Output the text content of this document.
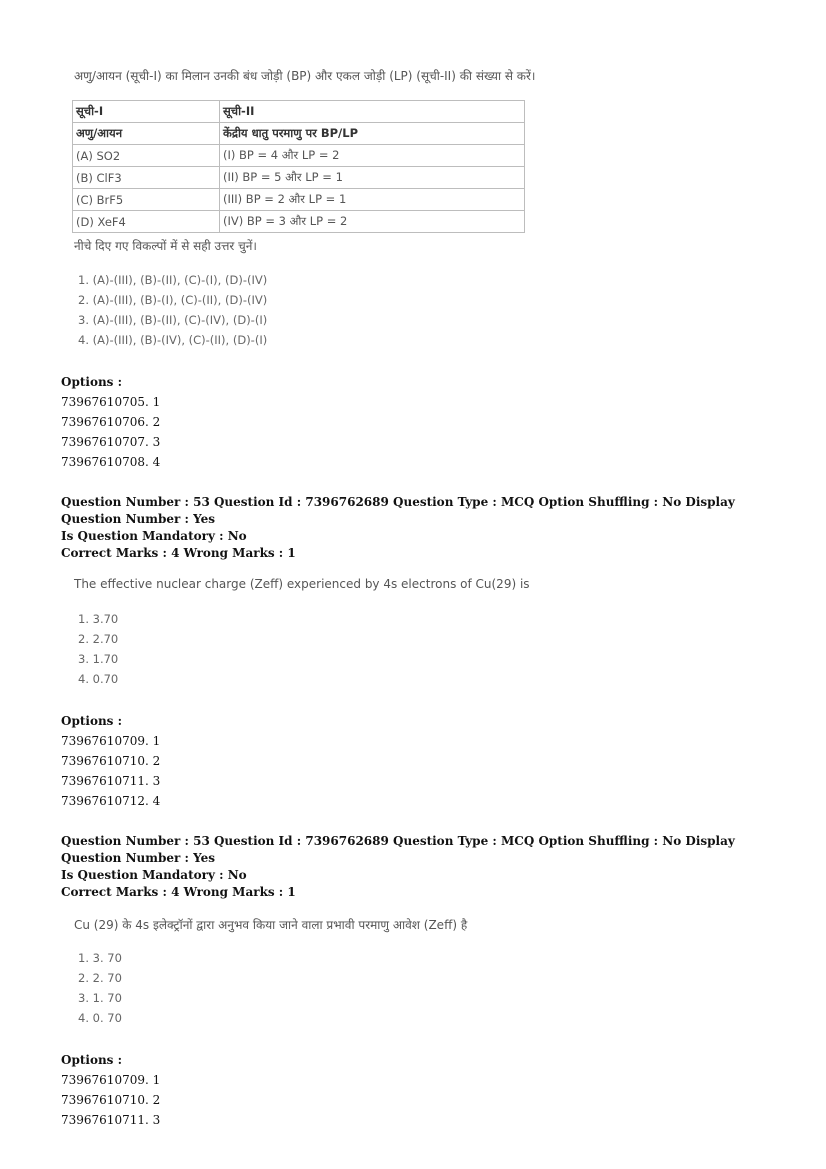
अणु/आयन (सूची-I) का मिलान उनकी बंध जोड़ी (BP) और एकल जोड़ी (LP) (सूची-II) की संख्या से करें।
सूची-I	सूची-II
अणु/आयन	केंद्रीय धातु परमाणु पर BP/LP
(A) SO2	(I) BP = 4 और LP = 2
(B) ClF3	(II) BP = 5 और LP = 1
(C) BrF5	(III) BP = 2 और LP = 1
(D) XeF4	(IV) BP = 3 और LP = 2
नीचे दिए गए विकल्पों में से सही उत्तर चुनें।
1. (A)-(III), (B)-(II), (C)-(I), (D)-(IV)
2. (A)-(III), (B)-(I), (C)-(II), (D)-(IV)
3. (A)-(III), (B)-(II), (C)-(IV), (D)-(I)
4. (A)-(III), (B)-(IV), (C)-(II), (D)-(I)
Options :
73967610705. 1
73967610706. 2
73967610707. 3
73967610708. 4
Question Number : 53 Question Id : 7396762689 Question Type : MCQ Option Shuffling : No Display Question Number : Yes
Is Question Mandatory : No
Correct Marks : 4 Wrong Marks : 1
The effective nuclear charge (Zeff) experienced by 4s electrons of Cu(29) is
1. 3.70
2. 2.70
3. 1.70
4. 0.70
Options :
73967610709. 1
73967610710. 2
73967610711. 3
73967610712. 4
Question Number : 53 Question Id : 7396762689 Question Type : MCQ Option Shuffling : No Display Question Number : Yes
Is Question Mandatory : No
Correct Marks : 4 Wrong Marks : 1
Cu (29) के 4s इलेक्ट्रॉनों द्वारा अनुभव किया जाने वाला प्रभावी परमाणु आवेश (Zeff) है
1. 3. 70
2. 2. 70
3. 1. 70
4. 0. 70
Options :
73967610709. 1
73967610710. 2
73967610711. 3
